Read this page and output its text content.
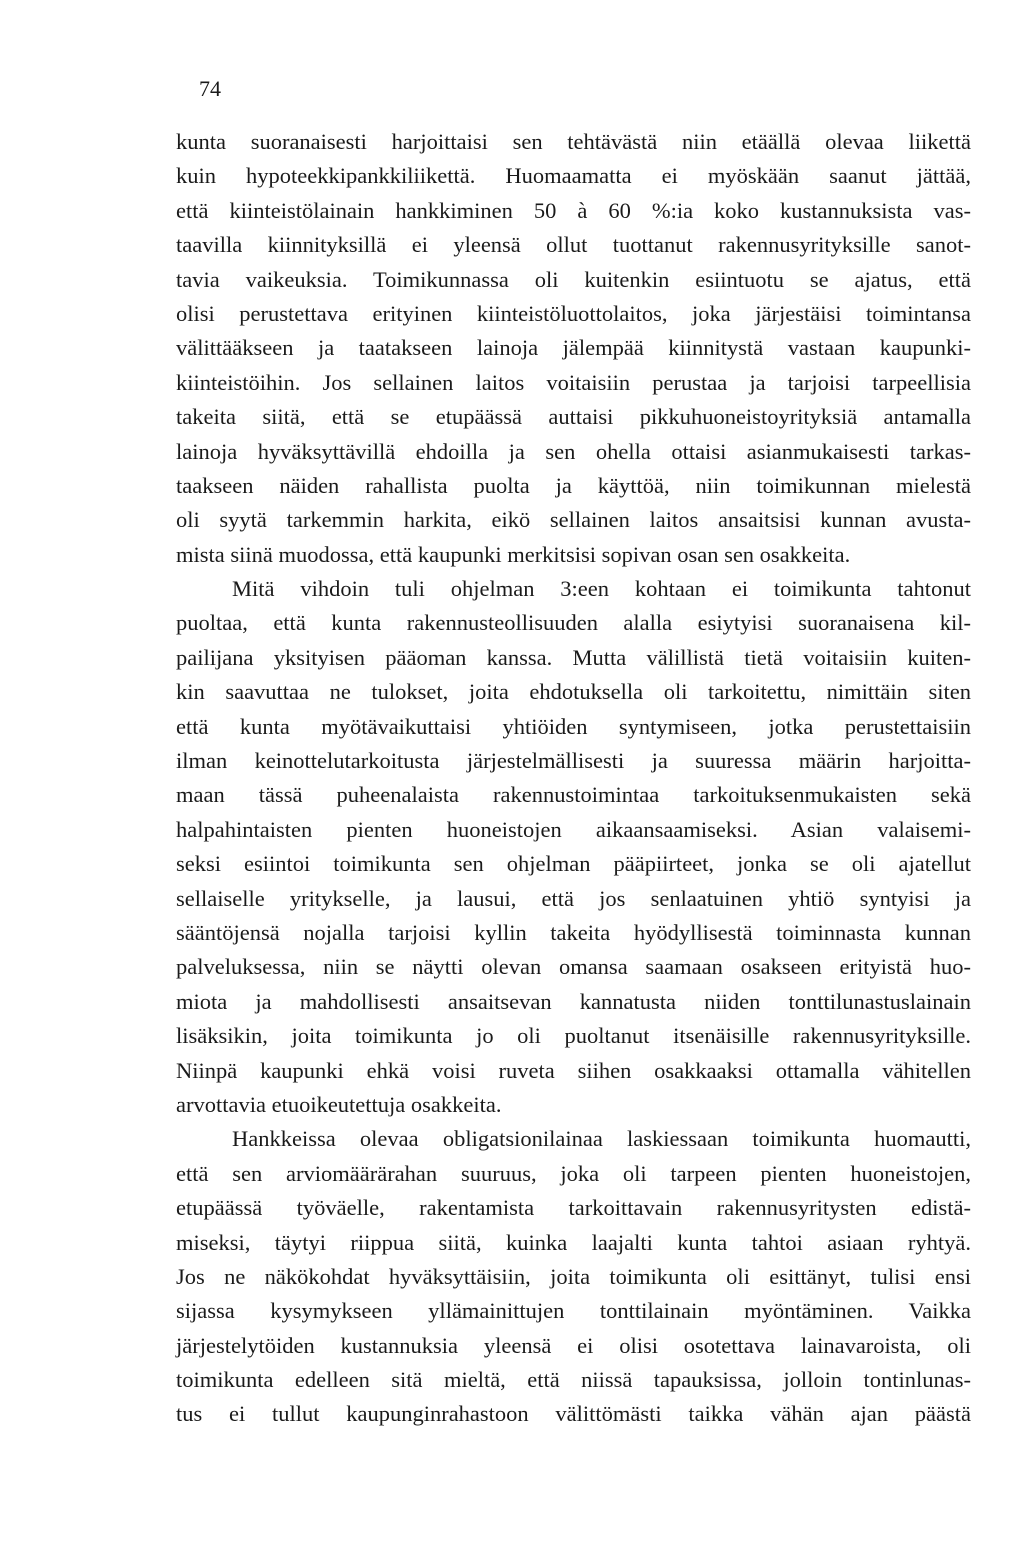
74
kunta suoranaisesti harjoittaisi sen tehtävästä niin etäällä olevaa liikettä
kuin hypoteekkipankkiliikettä. Huomaamatta ei myöskään saanut jättää,
että kiinteistölainain hankkiminen 50 à 60 %:ia koko kustannuksista vas-
taavilla kiinnityksillä ei yleensä ollut tuottanut rakennusyrityksille sanot-
tavia vaikeuksia. Toimikunnassa oli kuitenkin esiintuotu se ajatus, että
olisi perustettava erityinen kiinteistöluottolaitos, joka järjestäisi toimintansa
välittääkseen ja taatakseen lainoja jälempää kiinnitystä vastaan kaupunki-
kiinteistöihin. Jos sellainen laitos voitaisiin perustaa ja tarjoisi tarpeellisia
takeita siitä, että se etupäässä auttaisi pikkuhuoneistoyrityksiä antamalla
lainoja hyväksyttävillä ehdoilla ja sen ohella ottaisi asianmukaisesti tarkas-
taakseen näiden rahallista puolta ja käyttöä, niin toimikunnan mielestä
oli syytä tarkemmin harkita, eikö sellainen laitos ansaitsisi kunnan avusta-
mista siinä muodossa, että kaupunki merkitsisi sopivan osan sen osakkeita.
Mitä vihdoin tuli ohjelman 3:een kohtaan ei toimikunta tahtonut
puoltaa, että kunta rakennusteollisuuden alalla esiytyisi suoranaisena kil-
pailijana yksityisen pääoman kanssa. Mutta välillistä tietä voitaisiin kuiten-
kin saavuttaa ne tulokset, joita ehdotuksella oli tarkoitettu, nimittäin siten
että kunta myötävaikuttaisi yhtiöiden syntymiseen, jotka perustettaisiin
ilman keinottelutarkoitusta järjestelmällisesti ja suuressa määrin harjoitta-
maan tässä puheenalaista rakennustoimintaa tarkoituksenmukaisten sekä
halpahintaisten pienten huoneistojen aikaansaamiseksi. Asian valaisemi-
seksi esiintoi toimikunta sen ohjelman pääpiirteet, jonka se oli ajatellut
sellaiselle yritykselle, ja lausui, että jos senlaatuinen yhtiö syntyisi ja
sääntöjensä nojalla tarjoisi kyllin takeita hyödyllisestä toiminnasta kunnan
palveluksessa, niin se näytti olevan omansa saamaan osakseen erityistä huo-
miota ja mahdollisesti ansaitsevan kannatusta niiden tonttilunastuslainain
lisäksikin, joita toimikunta jo oli puoltanut itsenäisille rakennusyrityksille.
Niinpä kaupunki ehkä voisi ruveta siihen osakkaaksi ottamalla vähitellen
arvottavia etuoikeutettuja osakkeita.
Hankkeissa olevaa obligatsionilainaa laskiessaan toimikunta huomautti,
että sen arviomäärärahan suuruus, joka oli tarpeen pienten huoneistojen,
etupäässä työväelle, rakentamista tarkoittavain rakennusyritysten edistä-
miseksi, täytyi riippua siitä, kuinka laajalti kunta tahtoi asiaan ryhtyä.
Jos ne näkökohdat hyväksyttäisiin, joita toimikunta oli esittänyt, tulisi ensi
sijassa kysymykseen yllämainittujen tonttilainain myöntäminen. Vaikka
järjestelytöiden kustannuksia yleensä ei olisi osotettava lainavaroista, oli
toimikunta edelleen sitä mieltä, että niissä tapauksissa, jolloin tontinlunas-
tus ei tullut kaupunginrahastoon välittömästi taikka vähän ajan päästä
